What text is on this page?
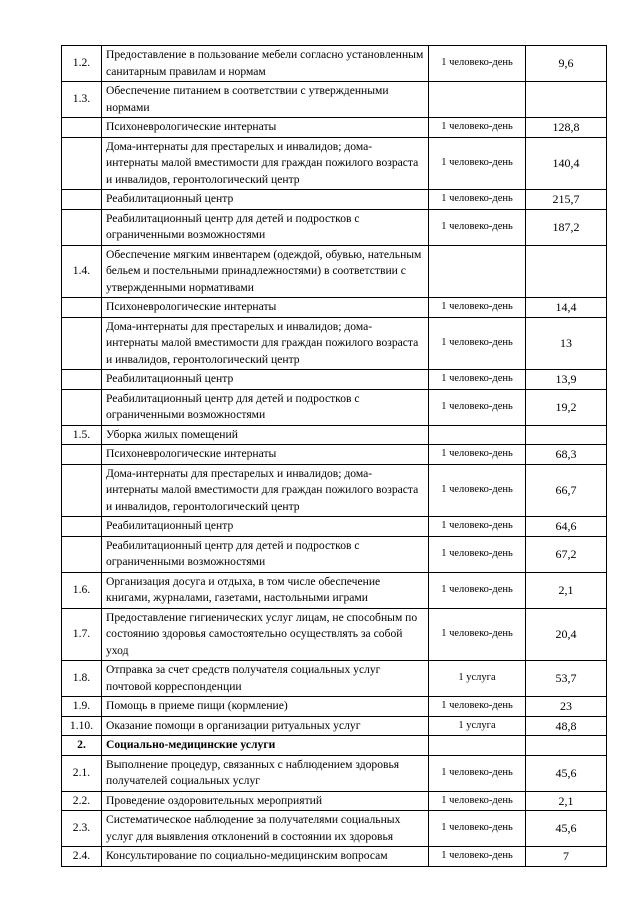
1.2.	Предоставление в пользование мебели согласно установленным санитарным правилам и нормам	1 человеко-день	9,6
1.3.	Обеспечение питанием в соответствии с утвержденными нормами		
	Психоневрологические интернаты	1 человеко-день	128,8
	Дома-интернаты для престарелых и инвалидов; дома-интернаты малой вместимости для граждан пожилого возраста и инвалидов, геронтологический центр	1 человеко-день	140,4
	Реабилитационный центр	1 человеко-день	215,7
	Реабилитационный центр для детей и подростков с ограниченными возможностями	1 человеко-день	187,2
1.4.	Обеспечение мягким инвентарем (одеждой, обувью, нательным бельем и постельными принадлежностями) в соответствии с утвержденными нормативами		
	Психоневрологические интернаты	1 человеко-день	14,4
	Дома-интернаты для престарелых и инвалидов; дома-интернаты малой вместимости для граждан пожилого возраста и инвалидов, геронтологический центр	1 человеко-день	13
	Реабилитационный центр	1 человеко-день	13,9
	Реабилитационный центр для детей и подростков с ограниченными возможностями	1 человеко-день	19,2
1.5.	Уборка жилых помещений		
	Психоневрологические интернаты	1 человеко-день	68,3
	Дома-интернаты для престарелых и инвалидов; дома-интернаты малой вместимости для граждан пожилого возраста и инвалидов, геронтологический центр	1 человеко-день	66,7
	Реабилитационный центр	1 человеко-день	64,6
	Реабилитационный центр для детей и подростков с ограниченными возможностями	1 человеко-день	67,2
1.6.	Организация досуга и отдыха, в том числе обеспечение книгами, журналами, газетами, настольными играми	1 человеко-день	2,1
1.7.	Предоставление гигиенических услуг лицам, не способным по состоянию здоровья самостоятельно осуществлять за собой уход	1 человеко-день	20,4
1.8.	Отправка за счет средств получателя социальных услуг почтовой корреспонденции	1 услуга	53,7
1.9.	Помощь в приеме пищи (кормление)	1 человеко-день	23
1.10.	Оказание помощи в организации ритуальных услуг	1 услуга	48,8
2.	Социально-медицинские услуги		
2.1.	Выполнение процедур, связанных с наблюдением здоровья получателей социальных услуг	1 человеко-день	45,6
2.2.	Проведение оздоровительных мероприятий	1 человеко-день	2,1
2.3.	Систематическое наблюдение за получателями социальных услуг для выявления отклонений в состоянии их здоровья	1 человеко-день	45,6
2.4.	Консультирование по социально-медицинским вопросам	1 человеко-день	7
